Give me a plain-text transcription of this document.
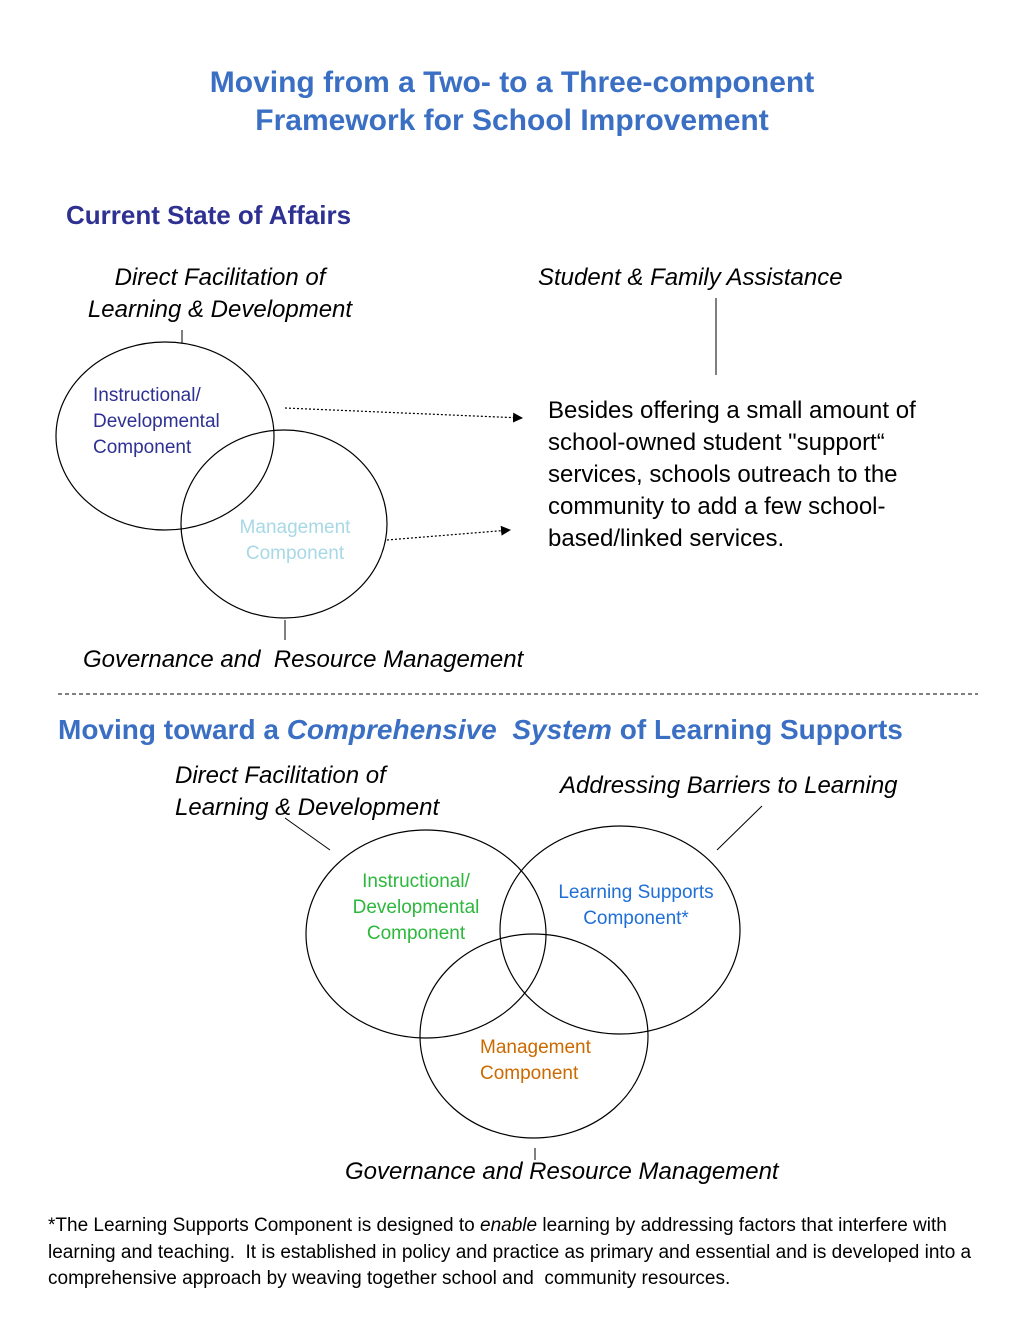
Moving from a Two- to a Three-component
Framework for School Improvement
Current State of Affairs
Direct Facilitation of
Learning & Development
Student & Family Assistance
Instructional/
Developmental
Component
Management
Component
Besides offering a small amount of
school-owned student "support“
services, schools outreach to the
community to add a few school-
based/linked services.
Governance and  Resource Management
Moving toward a Comprehensive System of Learning Supports
Direct Facilitation of
Learning & Development
Addressing Barriers to Learning
Instructional/
Developmental
Component
Learning Supports
Component*
Management
Component
Governance and Resource Management
*The Learning Supports Component is designed to enable learning by addressing factors that interfere with learning and teaching.  It is established in policy and practice as primary and essential and is developed into a comprehensive approach by weaving together school and  community resources.
